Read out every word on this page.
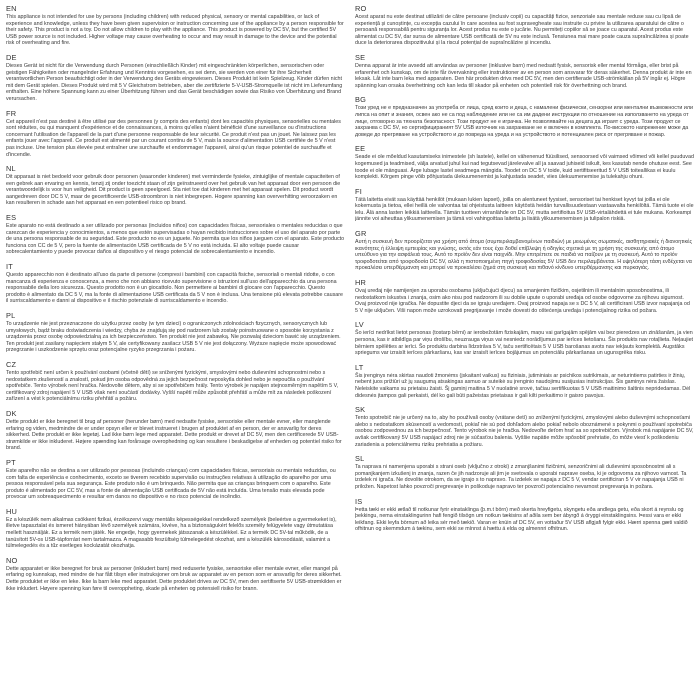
EN

This appliance is not intended for use by persons (including children) with reduced physical, sensory or mental capabilities, or lack of experience and knowledge, unless they have been given supervision or instruction concerning use of the appliance by a person responsible for their safety. This product is not a toy. Do not allow children to play with the appliance. This product is powered by DC 5V, but the certified 5V USB power source is not included. Higher voltage may cause overheating to occur and may result in damage to the device and the potential risk of overheating and fire.

DE

Dieses Gerät ist nicht für die Verwendung durch Personen (einschließlich Kinder) mit eingeschränkten körperlichen, sensorischen oder geistigen Fähigkeiten oder mangelnder Erfahrung und Kenntnis vorgesehen, es sei denn, sie werden von einer für ihre Sicherheit verantwortlichen Person beaufsichtigt oder in der Verwendung des Geräts eingewiesen. Dieses Produkt ist kein Spielzeug. Kinder dürfen nicht mit dem Gerät spielen. Dieses Produkt wird mit 5 V Gleichstrom betrieben, aber die zertifizierte 5-V-USB-Stromquelle ist nicht im Lieferumfang enthalten. Eine höhere Spannung kann zu einer Überhitzung führen und das Gerät beschädigen sowie das Risiko von Überhitzung und Brand verursachen.

FR

Cet appareil n'est pas destiné à être utilisé par des personnes (y compris des enfants) dont les capacités physiques, sensorielles ou mentales sont réduites, ou qui manquent d'expérience et de connaissances, à moins qu'elles n'aient bénéficié d'une surveillance ou d'instructions concernant l'utilisation de l'appareil de la part d'une personne responsable de leur sécurité. Ce produit n'est pas un jouet. Ne laissez pas les enfants jouer avec l'appareil. Ce produit est alimenté par un courant continu de 5 V, mais la source d'alimentation USB certifiée de 5 V n'est pas incluse. Une tension plus élevée peut entraîner une surchauffe et endommager l'appareil, ainsi qu'un risque potentiel de surchauffe et d'incendie.

NL

Dit apparaat is niet bedoeld voor gebruik door personen (waaronder kinderen) met verminderde fysieke, zintuiglijke of mentale capaciteiten of een gebrek aan ervaring en kennis, tenzij zij onder toezicht staan of zijn geïnstrueerd over het gebruik van het apparaat door een persoon die verantwoordelijk is voor hun veiligheid. Dit product is geen speelgoed. Sta niet toe dat kinderen met het apparaat spelen. Dit product wordt aangedreven door DC 5 V, maar de gecertificeerde USB-stroombron is niet inbegrepen. Hogere spanning kan oververhitting veroorzaken en kan resulteren in schade aan het apparaat en een potentieel risico op brand.

ES

Este aparato no está destinado a ser utilizado por personas (incluidos niños) con capacidades físicas, sensoriales o mentales reducidas o que carezcan de experiencia y conocimientos, a menos que estén supervisadas o hayan recibido instrucciones sobre el uso del aparato por parte de una persona responsable de su seguridad. Este producto no es un juguete. No permita que los niños jueguen con el aparato. Este producto funciona con CC de 5 V, pero la fuente de alimentación USB certificada de 5 V no está incluida. El alto voltaje puede causar sobrecalentamiento y puede provocar daños al dispositivo y el riesgo potencial de sobrecalentamiento e incendio.

IT

Questo apparecchio non è destinato all'uso da parte di persone (compresi i bambini) con capacità fisiche, sensoriali o mentali ridotte, o con mancanza di esperienza e conoscenza, a meno che non abbiano ricevuto supervisione o istruzioni sull'uso dell'apparecchio da una persona responsabile della loro sicurezza. Questo prodotto non è un giocattolo. Non permettere ai bambini di giocare con l'apparecchio. Questo prodotto è alimentato da DC 5 V, ma la fonte di alimentazione USB certificata da 5 V non è inclusa. Una tensione più elevata potrebbe causare il surriscaldamento e danni al dispositivo e il rischio potenziale di surriscaldamento e incendio.

PL

To urządzenie nie jest przeznaczone do użytku przez osoby (w tym dzieci) o ograniczonych zdolnościach fizycznych, sensorycznych lub umysłowych, bądź braku doświadczenia i wiedzy, chyba że znajdują się pod nadzorem lub zostały poinstruowane o sposobie korzystania z urządzenia przez osobę odpowiedzialną za ich bezpieczeństwo. Ten produkt nie jest zabawką. Nie pozwalaj dzieciom bawić się urządzeniem. Ten produkt jest zasilany napięciem stałym 5 V, ale certyfikowany zasilacz USB 5 V nie jest dołączony. Wyższe napięcie może spowodować przegrzanie i uszkodzenie sprzętu oraz potencjalne ryzyko przegrzania i pożaru.

CZ

Tento spotřebič není určen k používání osobami (včetně dětí) se sníženými fyzickými, smyslovými nebo duševními schopnostmi nebo s nedostatkem zkušeností a znalostí, pokud jim osoba odpovědná za jejich bezpečnost neposkytla dohled nebo je nepoučila o používání spotřebiče. Tento výrobek není hračka. Nedovolte dětem, aby si se spotřebičem hrály. Tento výrobek je napájen stejnosměrným napětím 5 V, certifikovaný zdroj napájení 5 V USB však není součástí dodávky. Vyšší napětí může způsobit přehřátí a může mít za následek poškození zařízení a vést k potenciálnímu riziku přehřátí a požáru.

DK

Dette produkt er ikke beregnet til brug af personer (herunder børn) med nedsatte fysiske, sensoriske eller mentale evner, eller manglende erfaring og viden, medmindre de er under opsyn eller er blevet instrueret i brugen af produktet af en person, der er ansvarlig for deres sikkerhed. Dette produkt er ikke legetøj. Lad ikke børn lege med apparatet. Dette produkt er drevet af DC 5V, men den certificerede 5V USB-strømkilde er ikke inkluderet. Højere spænding kan forårsage overophedning og kan resultere i beskadigelse af enheden og potentiel risiko for brand.

PT

Este aparelho não se destina a ser utilizado por pessoas (incluindo crianças) com capacidades físicas, sensoriais ou mentais reduzidas, ou com falta de experiência e conhecimento, exceto se tiverem recebido supervisão ou instruções relativas à utilização do aparelho por uma pessoa responsável pela sua segurança. Este produto não é um brinquedo. Não permita que as crianças brinquem com o aparelho. Este produto é alimentado por CC 5V, mas a fonte de alimentação USB certificada de 5V não está incluída. Uma tensão mais elevada pode provocar um sobreaquecimento e resultar em danos no dispositivo e no risco potencial de incêndio.

HU

Ez a készülék nem alkalmas csökkent fizikai, érzékszervi vagy mentális képességekkel rendelkező személyek (beleértve a gyermekeket is), illetve tapasztalat és ismeret hiányában lévő személyek számára, kivéve, ha a biztonságukért felelős személy felügyelete vagy útmutatása mellett használják. Ez a termék nem játék. Ne engedje, hogy gyermekek játsszanak a készülékkel. Ez a termék DC 5V-tal működik, de a tanúsított 5V-os USB-tápforrást nem tartalmazza. A magasabb feszültség túlmelegedést okozhat, ami a készülék károsodását, valamint a túlmelegedés és a tűz esetleges kockázatát okozhatja.

NO

Dette apparatet er ikke beregnet for bruk av personer (inkludert barn) med reduserte fysiske, sensoriske eller mentale evner, eller mangel på erfaring og kunnskap, med mindre de har fått tilsyn eller instruksjoner om bruk av apparatet av en person som er ansvarlig for deres sikkerhet. Dette produktet er ikke en leke. Ikke la barn leke med apparatet. Dette produktet drives av DC 5V, men den sertifiserte 5V USB-strømkilden er ikke inkludert. Høyere spenning kan føre til overoppheting, skade på enheten og potensiell risiko for brann.

RO

Acest aparat nu este destinat utilizării de către persoane (inclusiv copii) cu capacități fizice, senzoriale sau mentale reduse sau cu lipsă de experiență și cunoștințe, cu excepția cazului în care acestea au fost supravegheate sau instruite cu privire la utilizarea aparatului de către o persoană responsabilă pentru siguranța lor. Acest produs nu este o jucărie. Nu permiteți copiilor să se joace cu aparatul. Acest produs este alimentat cu DC 5V, dar sursa de alimentare USB certificată de 5V nu este inclusă. Tensiunea mai mare poate cauza supraîncălzirea și poate duce la deteriorarea dispozitivului și la riscul potențial de supraîncălzire și incendiu.

SE

Denna apparat är inte avsedd att användas av personer (inklusive barn) med nedsatt fysisk, sensorisk eller mental förmåga, eller brist på erfarenhet och kunskap, om de inte får övervakning eller instruktioner av en person som ansvarar för deras säkerhet. Denna produkt är inte en leksak. Låt inte barn leka med apparaten. Den här produkten drivs med DC 5V, men den certifierade USB-strömkällan på 5V ingår ej. Högre spänning kan orsaka överhettning och kan leda till skador på enheten och potentiell risk för överhettning och brand.

BG

Този уред не е предназначен за употреба от лица, сред които и деца, с намалени физически, сензорни или ментални възможности или липса на опит и знания, освен ако не са под наблюдение или не са им дадени инструкции по отношение на използването на уреда от лице, отговорно за тяхната безопасност. Този продукт не е играчка. Не позволявайте на децата да играят с уреда. Този продукт се захранва с DC 5V, но сертифицираният 5V USB източник на захранване не е включен в комплекта. По-високото напрежение може да доведе до прегряване на устройството и до повреда на уреда и на устройството и потенциален риск от прегряване и пожар.

EE

Seade ei ole mõeldud kasutamiseks inimestele (sh lastele), kellel on vähenenud füüsilised, sensoorsed või vaimsed võimed või kellel puuduvad kogemused ja teadmised, välja arvatud juhul kui nad tegutsevad järelevalve all ja saavad juhiseid isikult, kes kasutab nende ohutuse eest. See toode ei ole mänguasi. Ärge lubage lastel seadmega mängida. Toodet on DC 5 V toide, kuid sertifitseeritud 5 V USB toiteallikas ei kuulu komplekti. Kõrgem pinge võib põhjustada ülekuumenemist ja kahjustada seadet, viies ülekuumenemise ja tulekahju ohuni.

FI

Tätä laitetta eivät saa käyttää henkilöt (mukaan lukien lapset), joilla on alentuneet fyysiset, sensoriset tai henkiset kyvyt tai joilla ei ole kokemusta ja tietoa, ellei heillä ole valvontaa tai ohjeistusta laitteen käytöstä heidän turvallisuudestaan vastaavalta henkilöltä. Tämä tuote ei ole lelu. Älä anna lasten leikkiä laitteella. Tämän tuotteen virranlähde on DC 5V, mutta sertifioitua 5V USB-virtalähdettä ei tule mukana. Korkeampi jännite voi aiheuttaa ylikuumenemisen ja tämä voi vahingoittaa laitetta ja lisätä ylikuumenemisen ja tulipalon riskiä.

GR

Αυτή η συσκευή δεν προορίζεται για χρήση από άτομα (συμπεριλαμβανομένων παιδιών) με μειωμένες σωματικές, αισθητηριακές ή διανοητικές ικανότητες ή έλλειψη εμπειρίας και γνώσης, εκτός εάν τους έχει δοθεί επίβλεψη ή οδηγίες σχετικά με τη χρήση της συσκευής από άτομο υπεύθυνο για την ασφάλειά τους. Αυτό το προϊόν δεν είναι παιχνίδι. Μην επιτρέπετε σε παιδιά να παίζουν με τη συσκευή. Αυτό το προϊόν τροφοδοτείται από τροφοδοσία DC 5V, αλλά η πιστοποιημένη πηγή τροφοδοσίας 5V USB δεν περιλαμβάνεται. Η υψηλότερη τάση ενδέχεται να προκαλέσει υπερθέρμανση και μπορεί να προκαλέσει ζημιά στη συσκευή και πιθανό κίνδυνο υπερθέρμανσης και πυρκαγιάς.

HR

Ovaj uređaj nije namijenjen za uporabu osobama (uključujući djecu) sa smanjenim fizičkim, osjetilnim ili mentalnim sposobnostima, ili nedostatkom iskustva i znanja, osim ako nisu pod nadzorom ili su dobile upute o uporabi uređaja od osobe odgovorne za njihovu sigurnost. Ovaj proizvod nije igračka. Ne dopustite djeci da se igraju uređajem. Ovaj proizvod napaja se s DC 5 V, ali certificirani USB izvor napajanja od 5 V nije uključen. Viši napon može uzrokovati pregrijavanje i može dovesti do oštećenja uređaja i potencijalnog rizika od požara.

LV

Šo ierīci nedrīkst lietot personas (tostarp bērni) ar ierobežotām fiziskajām, maņu vai garīgajām spējām vai bez pieredzes un zināšanām, ja vien persona, kas ir atbildīga par viņu drošību, neuzrauga viņus vai nesniedz norādījumus par ierīces lietošanu. Šis produkts nav rotaļlieta. Neļaujiet bērniem spēlēties ar ierīci. Šo produktu darbina līdzstrāva 5 V, taču sertificētais 5 V USB barošanas avots nav iekļauts komplektā. Augstāks spriegums var izraisīt ierīces pārkaršanu, kas var izraisīt ierīces bojājumus un potenciālu pārkaršanas un ugunsgrēka risku.

LT

Šis įrenginys nėra skirtas naudoti žmonėms (įskaitant vaikus) su fiziniais, jutiminiais ar psichikos sutrikimais, ar neturintiems patirties ir žinių, nebent juos prižiūri už jų saugumą atsakingas asmuo ar suteikė su įrenginio naudojimu susijusias instrukcijas. Šis gaminys nėra žaislas. Neleiskite vaikams su prietaisu žaisti. Šį gaminį maitina 5 V nuolatinė srovė, tačiau sertifikuotas 5 V USB maitinimo šaltinis nepridedamas. Dėl didesnės įtampos gali perkaisti, dėl ko gali būti pažeistas prietaisas ir gali kilti perkaitimo ir gaisro pavojus.

SK

Tento spotrebič nie je určený na to, aby ho používali osoby (vrátane detí) so zníženými fyzickými, zmyslovými alebo duševnými schopnosťami alebo s nedostatkom skúseností a vedomostí, pokiaľ nie sú pod dohľadom alebo pokiaľ nebolo oboznámené s pokynmi o používaní spotrebiča osobou zodpovednou za ich bezpečnosť. Tento výrobok nie je hračka. Nedovoľte deťom hrať sa so spotrebičom. Výrobok má napájanie DC 5V, avšak certifikovaný 5V USB napájací zdroj nie je súčasťou balenia. Vyššie napätie môže spôsobiť prehriatie, čo môže viesť k poškodeniu zariadenia a potenciálnemu riziku prehriatia a požiaru.

SL

Ta naprava ni namenjena uporabi s strani oseb (vključno z otroki) z zmanjšanimi fizičnimi, senzoričnimi ali duševnimi sposobnostmi ali s pomanjkanjem izkušenj in znanja, razen če jih nadzoruje ali jim je svetovala o uporabi naprave oseba, ki je odgovorna za njihovo varnost. Ta izdelek ni igrača. Ne dovolite otrokom, da se igrajo s to napravo. Ta izdelek se napaja z DC 5 V, vendar certificiran 5 V vir napajanja USB ni priložen. Napetost lahko povzroči pregrevanje in poškoduje napravo ter povzroči potencialno nevarnost pregrevanja in požara.

IS

Þetta tæki er ekki ætlað til notkunar fyrir einstaklinga (þ.m.t börn) með skerta hreyfigetu, skyngetu eða andlega getu, eða skort á reynslu og þekkingu, nema einstaklingurinn hafi fengið tilsögn um notkun tækisins af aðila sem ber ábyrgð á öryggi einstaklingsins. Þessi vara er ekki leikfang. Ekki leyfa börnum að leika sér með tækið. Varan er knúin af DC 5V, en vottaður 5V USB aflgjafi fylgir ekki. Hærri spenna gæti valdið ofhitnun og skemmdum á tækinu, sem ekki se mínnst á hættu á elda og almennri ofhitnun.
